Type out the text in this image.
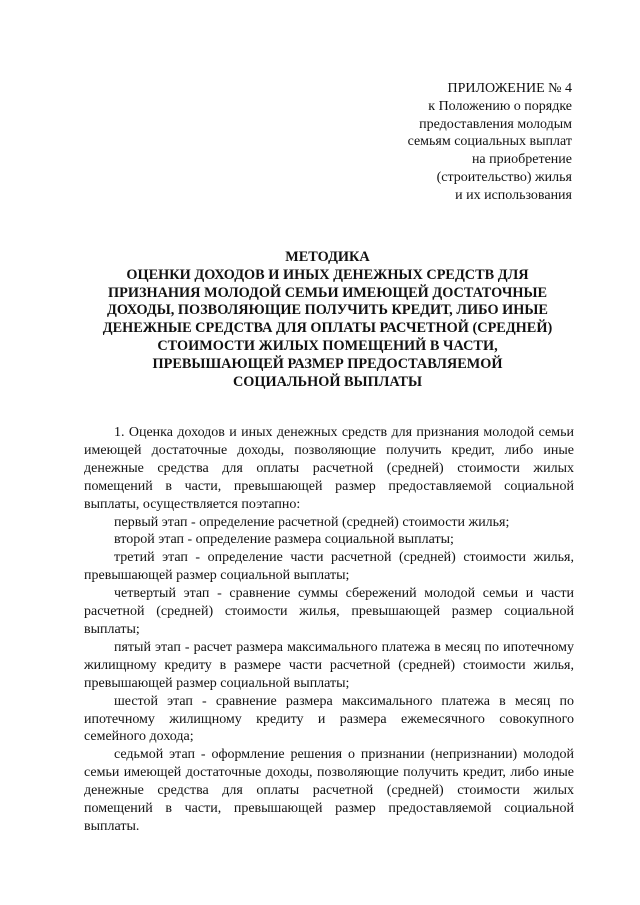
ПРИЛОЖЕНИЕ № 4
к Положению о порядке
предоставления молодым
семьям социальных выплат
на приобретение
(строительство) жилья
и их использования
МЕТОДИКА
ОЦЕНКИ ДОХОДОВ И ИНЫХ ДЕНЕЖНЫХ СРЕДСТВ ДЛЯ
ПРИЗНАНИЯ МОЛОДОЙ СЕМЬИ ИМЕЮЩЕЙ ДОСТАТОЧНЫЕ
ДОХОДЫ, ПОЗВОЛЯЮЩИЕ ПОЛУЧИТЬ КРЕДИТ, ЛИБО ИНЫЕ
ДЕНЕЖНЫЕ СРЕДСТВА ДЛЯ ОПЛАТЫ РАСЧЕТНОЙ (СРЕДНЕЙ)
СТОИМОСТИ ЖИЛЫХ ПОМЕЩЕНИЙ В ЧАСТИ,
ПРЕВЫШАЮЩЕЙ РАЗМЕР ПРЕДОСТАВЛЯЕМОЙ
СОЦИАЛЬНОЙ ВЫПЛАТЫ

1. Оценка доходов и иных денежных средств для признания молодой семьи имеющей достаточные доходы, позволяющие получить кредит, либо иные денежные средства для оплаты расчетной (средней) стоимости жилых помещений в части, превышающей размер предоставляемой социальной выплаты, осуществляется поэтапно:

первый этап - определение расчетной (средней) стоимости жилья;

второй этап - определение размера социальной выплаты;

третий этап - определение части расчетной (средней) стоимости жилья, превышающей размер социальной выплаты;

четвертый этап - сравнение суммы сбережений молодой семьи и части расчетной (средней) стоимости жилья, превышающей размер социальной выплаты;

пятый этап - расчет размера максимального платежа в месяц по ипотечному жилищному кредиту в размере части расчетной (средней) стоимости жилья, превышающей размер социальной выплаты;

шестой этап - сравнение размера максимального платежа в месяц по ипотечному жилищному кредиту и размера ежемесячного совокупного семейного дохода;

седьмой этап - оформление решения о признании (непризнании) молодой семьи имеющей достаточные доходы, позволяющие получить кредит, либо иные денежные средства для оплаты расчетной (средней) стоимости жилых помещений в части, превышающей размер предоставляемой социальной выплаты.
